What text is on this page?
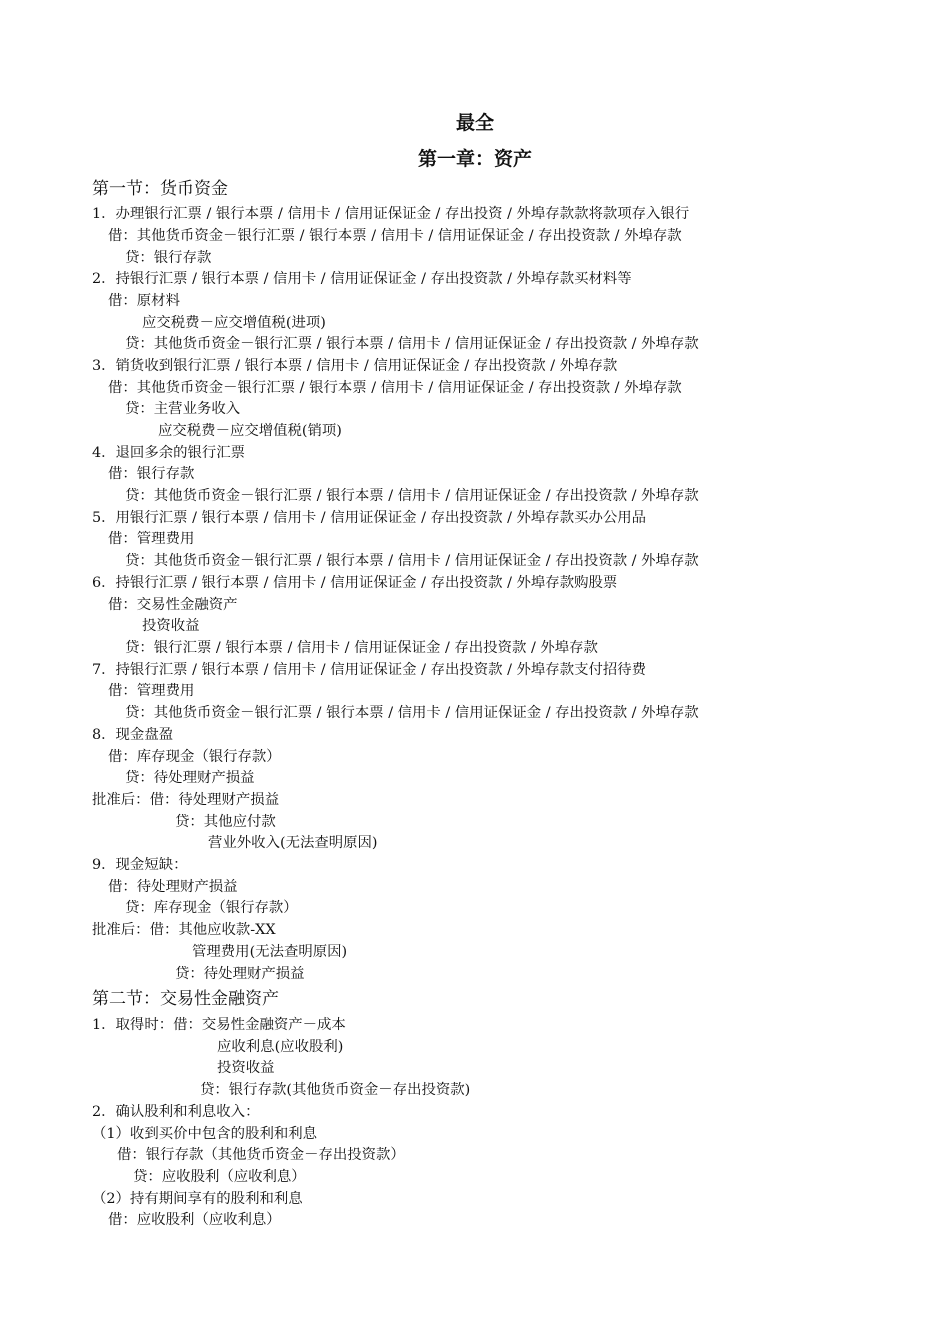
最全
第一章：资产
第一节：货币资金
1．办理银行汇票 / 银行本票 / 信用卡 / 信用证保证金 / 存出投资 / 外埠存款款将款项存入银行
借：其他货币资金－银行汇票 / 银行本票 / 信用卡 / 信用证保证金 / 存出投资款 / 外埠存款
贷：银行存款
2．持银行汇票 / 银行本票 / 信用卡 / 信用证保证金 / 存出投资款 / 外埠存款买材料等
借：原材料
应交税费－应交增值税(进项)
贷：其他货币资金－银行汇票 / 银行本票 / 信用卡 / 信用证保证金 / 存出投资款 / 外埠存款
3．销货收到银行汇票 / 银行本票 / 信用卡 / 信用证保证金 / 存出投资款 / 外埠存款
借：其他货币资金－银行汇票 / 银行本票 / 信用卡 / 信用证保证金 / 存出投资款 / 外埠存款
贷：主营业务收入
应交税费－应交增值税(销项)
4．退回多余的银行汇票
借：银行存款
贷：其他货币资金－银行汇票 / 银行本票 / 信用卡 / 信用证保证金 / 存出投资款 / 外埠存款
5．用银行汇票 / 银行本票 / 信用卡 / 信用证保证金 / 存出投资款 / 外埠存款买办公用品
借：管理费用
贷：其他货币资金－银行汇票 / 银行本票 / 信用卡 / 信用证保证金 / 存出投资款 / 外埠存款
6．持银行汇票 / 银行本票 / 信用卡 / 信用证保证金 / 存出投资款 / 外埠存款购股票
借：交易性金融资产
投资收益
贷：银行汇票 / 银行本票 / 信用卡 / 信用证保证金 / 存出投资款 / 外埠存款
7．持银行汇票 / 银行本票 / 信用卡 / 信用证保证金 / 存出投资款 / 外埠存款支付招待费
借：管理费用
贷：其他货币资金－银行汇票 / 银行本票 / 信用卡 / 信用证保证金 / 存出投资款 / 外埠存款
8．现金盘盈
借：库存现金（银行存款）
贷：待处理财产损益
批准后：借：待处理财产损益
贷：其他应付款
营业外收入(无法查明原因)
9．现金短缺：
借：待处理财产损益
贷：库存现金（银行存款）
批准后：借：其他应收款-XX
管理费用(无法查明原因)
贷：待处理财产损益
第二节：交易性金融资产
1．取得时：借：交易性金融资产－成本
应收利息(应收股利)
投资收益
贷：银行存款(其他货币资金－存出投资款)
2．确认股利和利息收入：
（1）收到买价中包含的股利和利息
借：银行存款（其他货币资金－存出投资款）
贷：应收股利（应收利息）
（2）持有期间享有的股利和利息
借：应收股利（应收利息）
